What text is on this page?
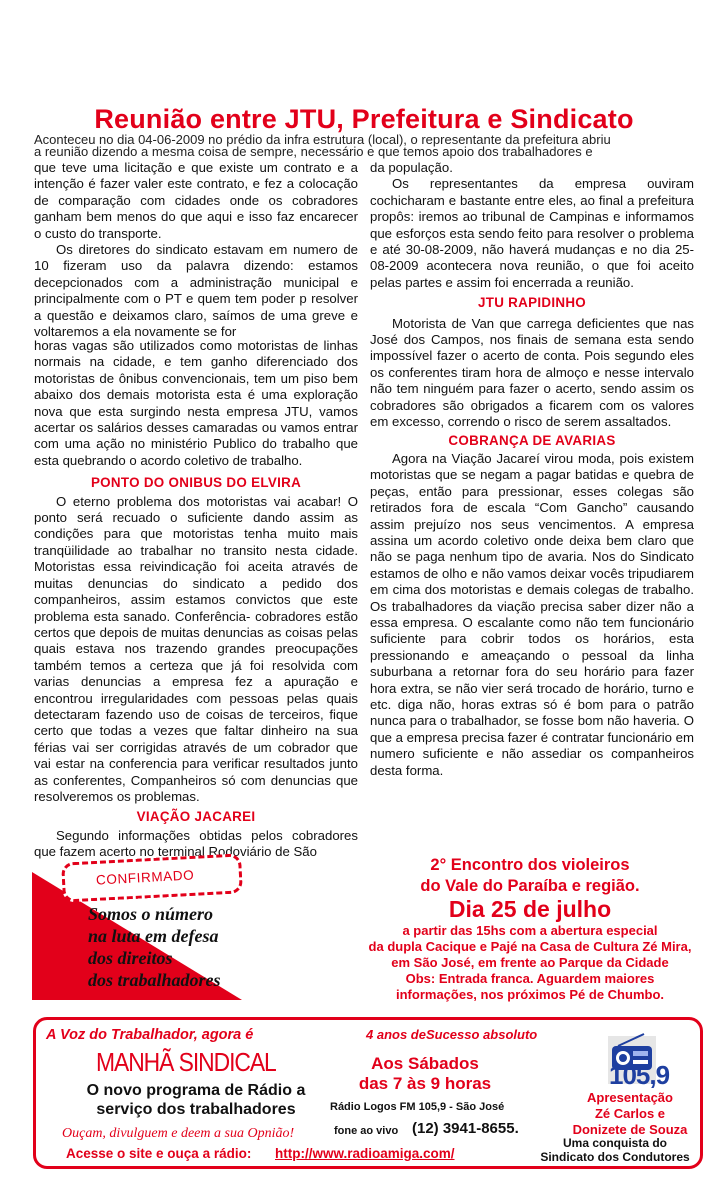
Reunião entre JTU, Prefeitura e Sindicato
Aconteceu no dia 04-06-2009 no prédio da infra estrutura (local), o representante da prefeitura abriu
a reunião dizendo a mesma coisa de sempre, necessário e que temos apoio dos trabalhadores e

que teve uma licitação e que existe um contrato e a intenção é fazer valer este contrato, e fez a colocação de comparação com cidades onde os cobradores ganham bem menos do que aqui e isso faz encarecer o custo do transporte.

Os diretores do sindicato estavam em numero de 10 fizeram uso da palavra dizendo: estamos decepcionados com a administração municipal e principalmente com o PT e quem tem poder p resolver a questão e deixamos claro, saímos de uma greve e voltaremos a ela novamente se for

horas vagas são utilizados como motoristas de linhas normais na cidade, e tem ganho diferenciado dos motoristas de ônibus convencionais, tem um piso bem abaixo dos demais motorista esta é uma exploração nova que esta surgindo nesta empresa JTU, vamos acertar os salários desses camaradas ou vamos entrar com uma ação no ministério Publico do trabalho que esta quebrando o acordo coletivo de trabalho.

PONTO DO ONIBUS DO ELVIRA

O eterno problema dos motoristas vai acabar! O ponto será recuado o suficiente dando assim as condições para que motoristas tenha muito mais tranqüilidade ao trabalhar no transito nesta cidade. Motoristas essa reivindicação foi aceita através de muitas denuncias do sindicato a pedido dos companheiros, assim estamos convictos que este problema esta sanado. Conferência- cobradores estão certos que depois de muitas denuncias as coisas pelas quais estava nos trazendo grandes preocupações também temos a certeza que já foi resolvida com varias denuncias a empresa fez a apuração e encontrou irregularidades com pessoas pelas quais detectaram fazendo uso de coisas de terceiros, fique certo que todas a vezes que faltar dinheiro na sua férias vai ser corrigidas através de um cobrador que vai estar na conferencia para verificar resultados junto as conferentes, Companheiros só com denuncias que resolveremos os problemas.

VIAÇÃO JACAREI

Segundo informações obtidas pelos cobradores que fazem acerto no terminal Rodoviário de São

da população.

Os representantes da empresa ouviram cochicharam e bastante entre eles, ao final a prefeitura propôs: iremos ao tribunal de Campinas e informamos que esforços esta sendo feito para resolver o problema e até 30-08-2009, não haverá mudanças e no dia 25-08-2009 acontecera nova reunião, o que foi aceito pelas partes e assim foi encerrada a reunião.

JTU RAPIDINHO

Motorista de Van que carrega deficientes que nas José dos Campos, nos finais de semana esta sendo impossível fazer o acerto de conta. Pois segundo eles os conferentes tiram hora de almoço e nesse intervalo não tem ninguém para fazer o acerto, sendo assim os cobradores são obrigados a ficarem com os valores em excesso, correndo o risco de serem assaltados.

COBRANÇA DE AVARIAS

Agora na Viação Jacareí virou moda, pois existem motoristas que se negam a pagar batidas e quebra de peças, então para pressionar, esses colegas são retirados fora de escala “Com Gancho” causando assim prejuízo nos seus vencimentos. A empresa assina um acordo coletivo onde deixa bem claro que não se paga nenhum tipo de avaria. Nos do Sindicato estamos de olho e não vamos deixar vocês tripudiarem em cima dos motoristas e demais colegas de trabalho. Os trabalhadores da viação precisa saber dizer não a essa empresa. O escalante como não tem funcionário suficiente para cobrir todos os horários, esta pressionando e ameaçando o pessoal da linha suburbana a retornar fora do seu horário para fazer hora extra, se não vier será trocado de horário, turno e etc. diga não, horas extras só é bom para o patrão nunca para o trabalhador, se fosse bom não haveria. O que a empresa precisa fazer é contratar funcionário em numero suficiente e não assediar os companheiros desta forma.

CONFIRMADO
Somos o número
na luta em defesa
dos direitos
dos trabalhadores
2° Encontro dos violeiros
do Vale do Paraíba e região.
Dia 25 de julho
a partir das 15hs com a abertura especial
da dupla Cacique e Pajé na Casa de Cultura Zé Mira,
em São José, em frente ao Parque da Cidade
Obs: Entrada franca. Aguardem maiores
informações, nos próximos Pé de Chumbo.
A Voz do Trabalhador, agora é	4 anos deSucesso absoluto
MANHÃ SINDICAL
O novo programa de Rádio a
serviço dos trabalhadores
Ouçam, divulguem e deem a sua Opnião!
Aos Sábados
das 7 às 9 horas
Rádio Logos FM 105,9 - São José
fone ao vivo (12) 3941-8655.
105,9
Apresentação
Zé Carlos e
Donizete de Souza
Uma conquista do
Sindicato dos Condutores
Acesse o site e ouça a rádio: http://www.radioamiga.com/
